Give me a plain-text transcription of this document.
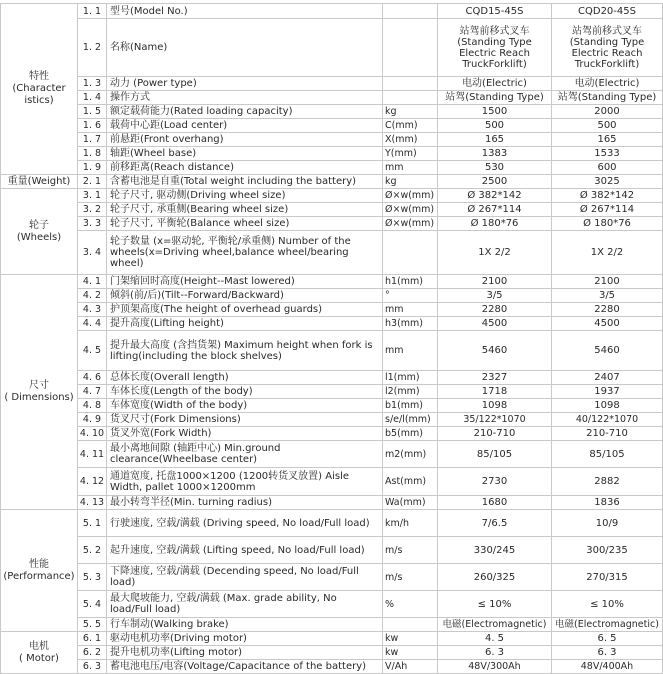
特性
(Character istics)	1. 1	型号(Model No.)		CQD15-45S	CQD20-45S
	1. 2	名称(Name)		站驾前移式叉车 (Standing Type Electric Reach TruckForklift)	站驾前移式叉车 (Standing Type Electric Reach TruckForklift)
	1. 3	动力 (Power type)		电动(Electric)	电动(Electric)
	1. 4	操作方式		站驾(Standing Type)	站驾(Standing Type)
	1. 5	额定载荷能力(Rated loading capacity)	kg	1500	2000
	1. 6	载荷中心距(Load center)	C(mm)	500	500
	1. 7	前悬距(Front overhang)	X(mm)	165	165
	1. 8	轴距(Wheel base)	Y(mm)	1383	1533
	1. 9	前移距离(Reach distance)	mm	530	600

重量(Weight)	2. 1	含蓄电池是自重(Total weight including the battery)	kg	2500	3025

轮子
(Wheels)	3. 1	轮子尺寸, 驱动侧(Driving wheel size)	Ø×w(mm)	Ø 382*142	Ø 382*142
	3. 2	轮子尺寸, 承重侧(Bearing wheel size)	Ø×w(mm)	Ø 267*114	Ø 267*114
	3. 3	轮子尺寸, 平衡轮(Balance wheel size)	Ø×w(mm)	Ø 180*76	Ø 180*76
	3. 4	轮子数量 (x=驱动轮, 平衡轮/承重侧) Number of the wheels(x=Driving wheel,balance wheel/bearing wheel)		1X 2/2	1X 2/2

尺寸
( Dimensions)	4. 1	门架缩回时高度(Height--Mast lowered)	h1(mm)	2100	2100
	4. 2	倾斜(前/后)(Tilt--Forward/Backward)	°	3/5	3/5
	4. 3	护顶架高度(The height of overhead guards)	mm	2280	2280
	4. 4	提升高度(Lifting height)	h3(mm)	4500	4500
	4. 5	提升最大高度 (含挡货架) Maximum height when fork is lifting(including the block shelves)	mm	5460	5460
	4. 6	总体长度(Overall length)	l1(mm)	2327	2407
	4. 7	车体长度(Length of the body)	l2(mm)	1718	1937
	4. 8	车体宽度(Width of the body)	b1(mm)	1098	1098
	4. 9	货叉尺寸(Fork Dimensions)	s/e/l(mm)	35/122*1070	40/122*1070
	4. 10	货叉外宽(Fork Width)	b5(mm)	210-710	210-710
	4. 11	最小离地间隙 (轴距中心) Min.ground clearance(Wheelbase center)	m2(mm)	85/105	85/105
	4. 12	通道宽度, 托盘1000×1200 (1200转货叉放置) Aisle Width, pallet 1000×1200mm	Ast(mm)	2730	2882
	4. 13	最小转弯半径(Min. turning radius)	Wa(mm)	1680	1836

性能
(Performance)	5. 1	行驶速度, 空载/满载 (Driving speed, No load/Full load)	km/h	7/6.5	10/9
	5. 2	起升速度, 空载/满载 (Lifting speed, No load/Full load)	m/s	330/245	300/235
	5. 3	下降速度, 空载/满载 (Decending speed, No load/Full load)	m/s	260/325	270/315
	5. 4	最大爬坡能力, 空载/满载 (Max. grade ability, No load/Full load)	%	≤ 10%	≤ 10%
	5. 5	行车制动(Walking brake)		电磁(Electromagnetic)	电磁(Electromagnetic)

电机
( Motor)	6. 1	驱动电机功率(Driving motor)	kw	4. 5	6. 5
	6. 2	提升电机功率(Lifting motor)	kw	6. 3	6. 3
	6. 3	蓄电池电压/电容(Voltage/Capacitance of the battery)	V/Ah	48V/300Ah	48V/400Ah
